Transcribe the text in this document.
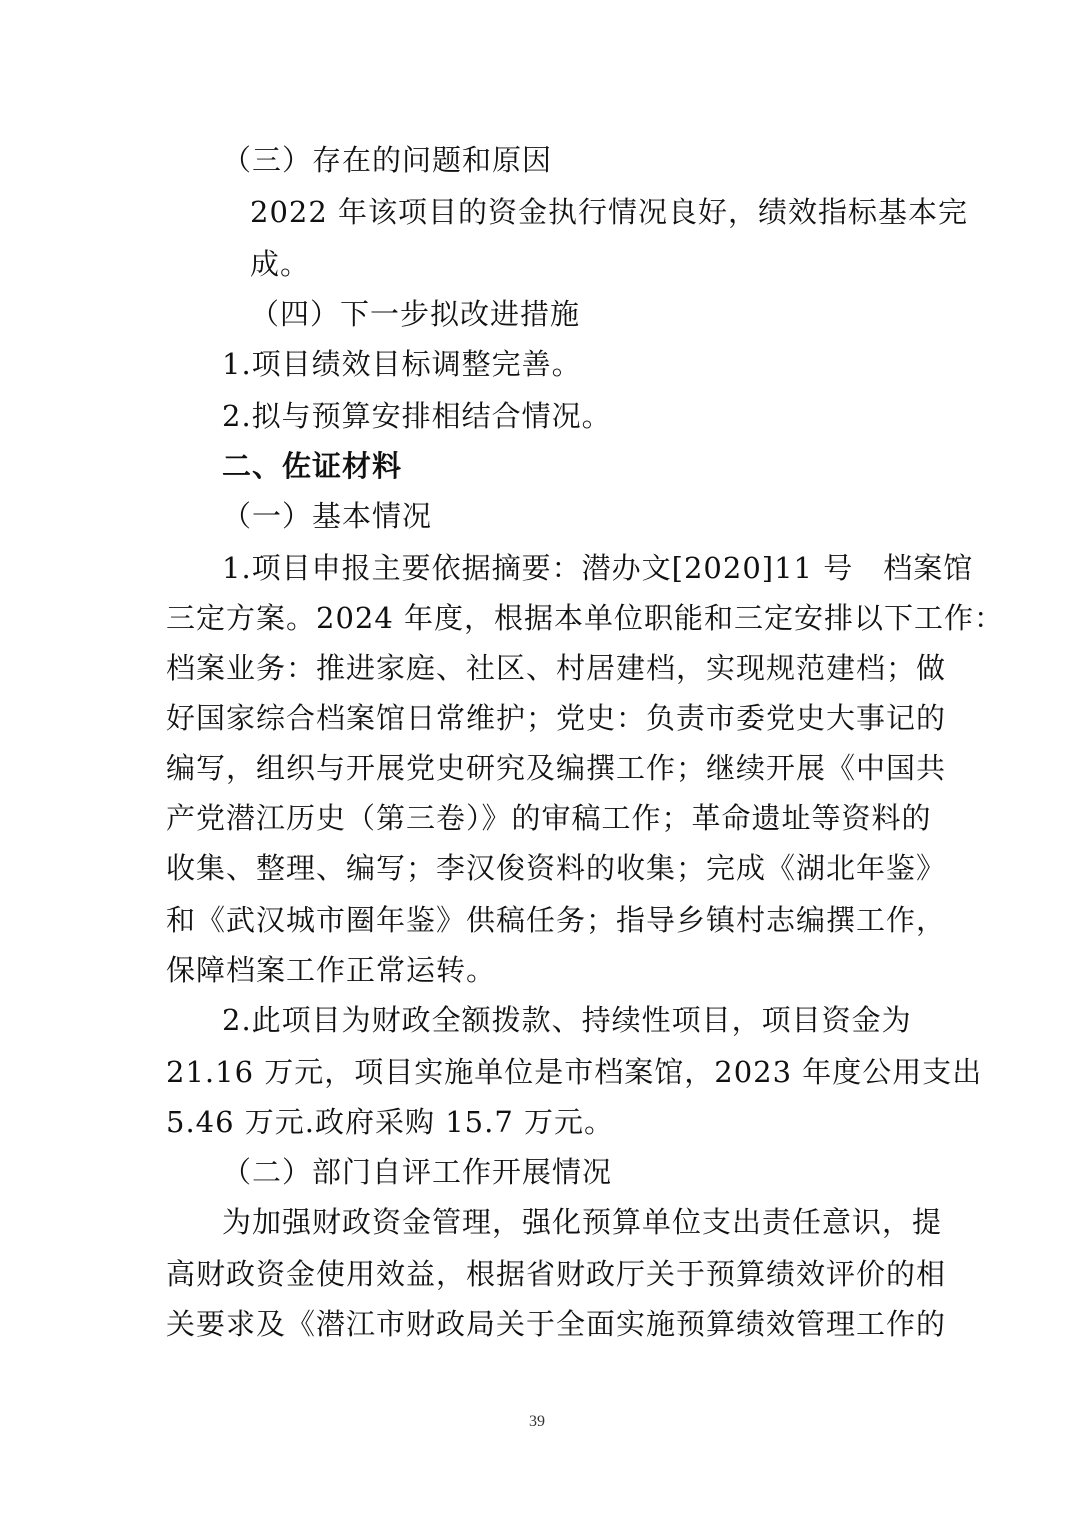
（三）存在的问题和原因
2022 年该项目的资金执行情况良好，绩效指标基本完
成。
（四）下一步拟改进措施
1.项目绩效目标调整完善。
2.拟与预算安排相结合情况。
二、佐证材料
（一）基本情况
1.项目申报主要依据摘要：潜办文[2020]11 号　档案馆
三定方案。2024 年度，根据本单位职能和三定安排以下工作：
档案业务：推进家庭、社区、村居建档，实现规范建档；做
好国家综合档案馆日常维护；党史：负责市委党史大事记的
编写，组织与开展党史研究及编撰工作；继续开展《中国共
产党潜江历史（第三卷）》的审稿工作；革命遗址等资料的
收集、整理、编写；李汉俊资料的收集；完成《湖北年鉴》
和《武汉城市圈年鉴》供稿任务；指导乡镇村志编撰工作，
保障档案工作正常运转。
2.此项目为财政全额拨款、持续性项目，项目资金为
21.16 万元，项目实施单位是市档案馆，2023 年度公用支出
5.46 万元.政府采购 15.7 万元。
（二）部门自评工作开展情况
为加强财政资金管理，强化预算单位支出责任意识，提
高财政资金使用效益，根据省财政厅关于预算绩效评价的相
关要求及《潜江市财政局关于全面实施预算绩效管理工作的
39
